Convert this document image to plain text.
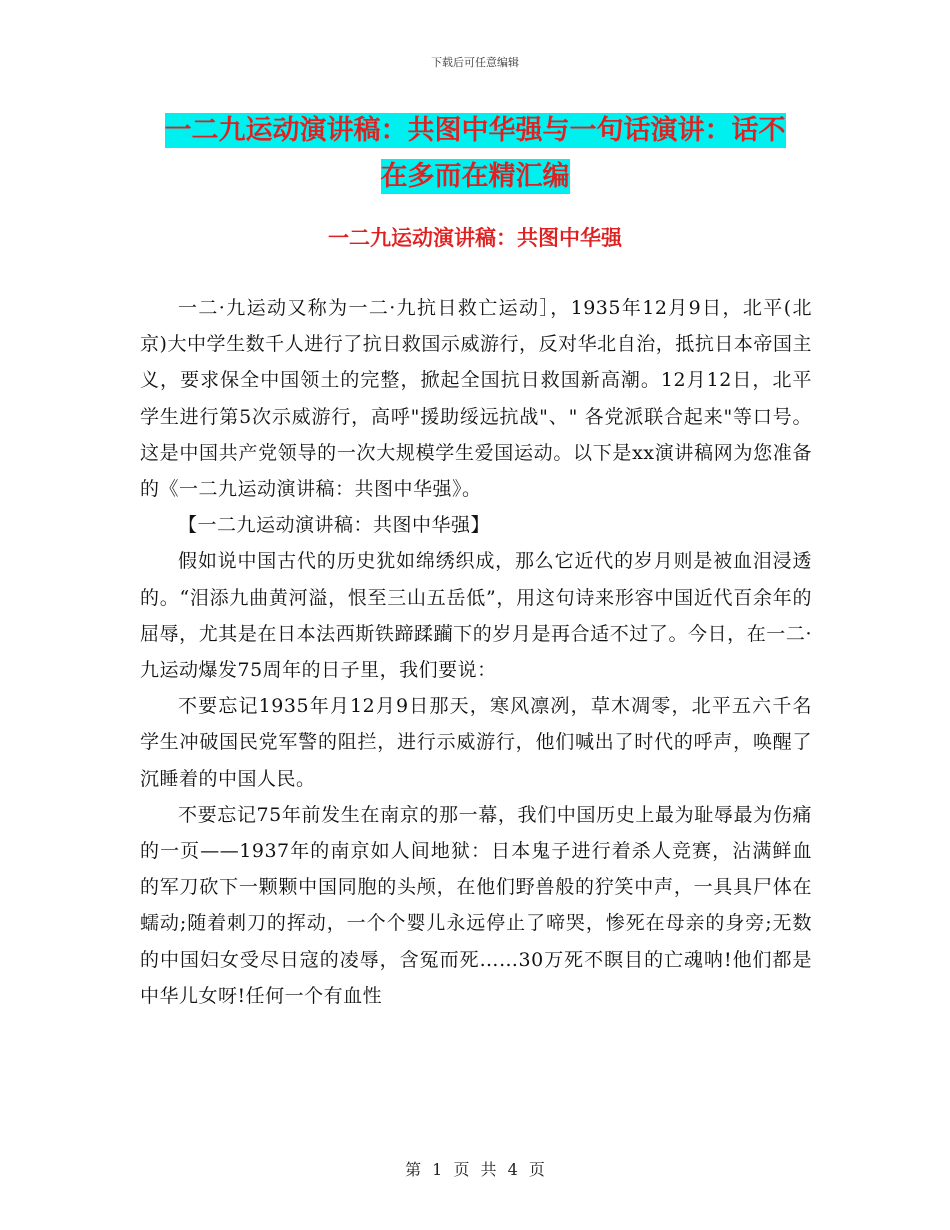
下载后可任意编辑
一二九运动演讲稿：共图中华强与一句话演讲：话不
在多而在精汇编
一二九运动演讲稿：共图中华强

一二·九运动又称为一二·九抗日救亡运动］，1935年12月9日，北平(北京)大中学生数千人进行了抗日救国示威游行，反对华北自治，抵抗日本帝国主义，要求保全中国领土的完整，掀起全国抗日救国新高潮。12月12日，北平学生进行第5次示威游行，高呼"援助绥远抗战"、" 各党派联合起来"等口号。这是中国共产党领导的一次大规模学生爱国运动。以下是xx演讲稿网为您准备的《一二九运动演讲稿：共图中华强》。

【一二九运动演讲稿：共图中华强】

假如说中国古代的历史犹如绵绣织成，那么它近代的岁月则是被血泪浸透的。“泪添九曲黄河溢，恨至三山五岳低”，用这句诗来形容中国近代百余年的屈辱，尤其是在日本法西斯铁蹄蹂躏下的岁月是再合适不过了。今日，在一二·九运动爆发75周年的日子里，我们要说：

不要忘记1935年月12月9日那天，寒风凛冽，草木凋零，北平五六千名学生冲破国民党军警的阻拦，进行示威游行，他们喊出了时代的呼声，唤醒了沉睡着的中国人民。

不要忘记75年前发生在南京的那一幕，我们中国历史上最为耻辱最为伤痛的一页——1937年的南京如人间地狱：日本鬼子进行着杀人竞赛，沾满鲜血的军刀砍下一颗颗中国同胞的头颅，在他们野兽般的狞笑中声，一具具尸体在蠕动;随着刺刀的挥动，一个个婴儿永远停止了啼哭，惨死在母亲的身旁;无数的中国妇女受尽日寇的凌辱，含冤而死……30万死不瞑目的亡魂呐!他们都是中华儿女呀!任何一个有血性

第 1 页 共 4 页
